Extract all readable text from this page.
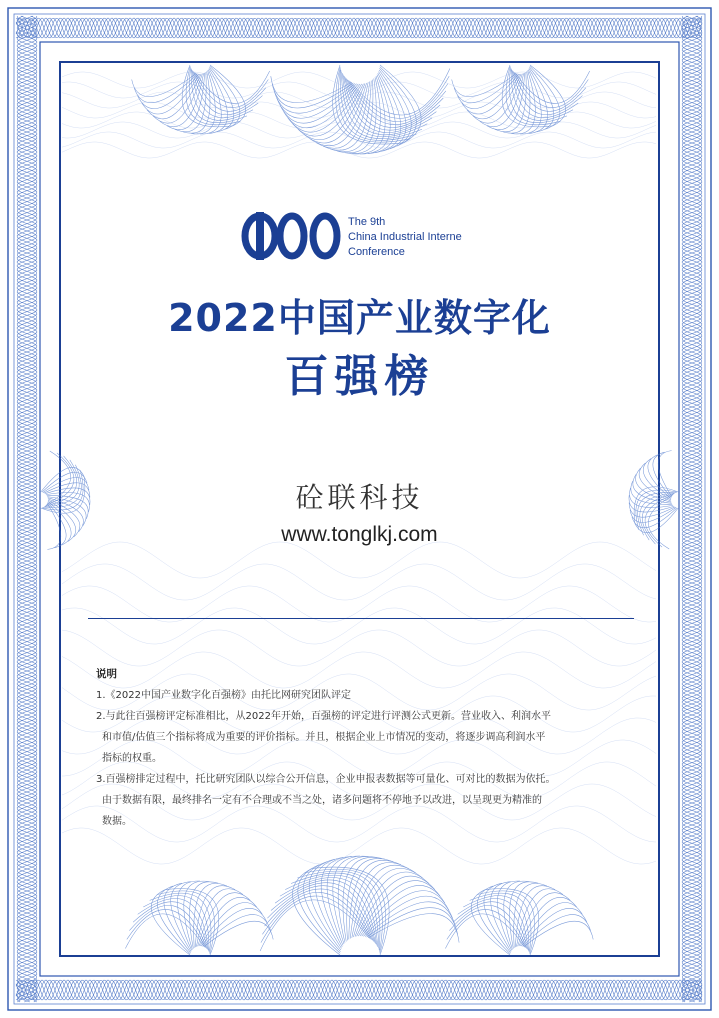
The 9th
China Industrial Interne
Conference
2022中国产业数字化
百强榜
砼联科技
www.tonglkj.com
说明
1.《2022中国产业数字化百强榜》由托比网研究团队评定
2.与此往百强榜评定标准相比，从2022年开始，百强榜的评定进行评测公式更新。营业收入、利润水平
和市值/估值三个指标将成为重要的评价指标。并且，根据企业上市情况的变动，将逐步调高利润水平
指标的权重。
3.百强榜排定过程中，托比研究团队以综合公开信息，企业申报表数据等可量化、可对比的数据为依托。
由于数据有限，最终排名一定有不合理或不当之处，诸多问题将不停地予以改进，以呈现更为精准的
数据。
